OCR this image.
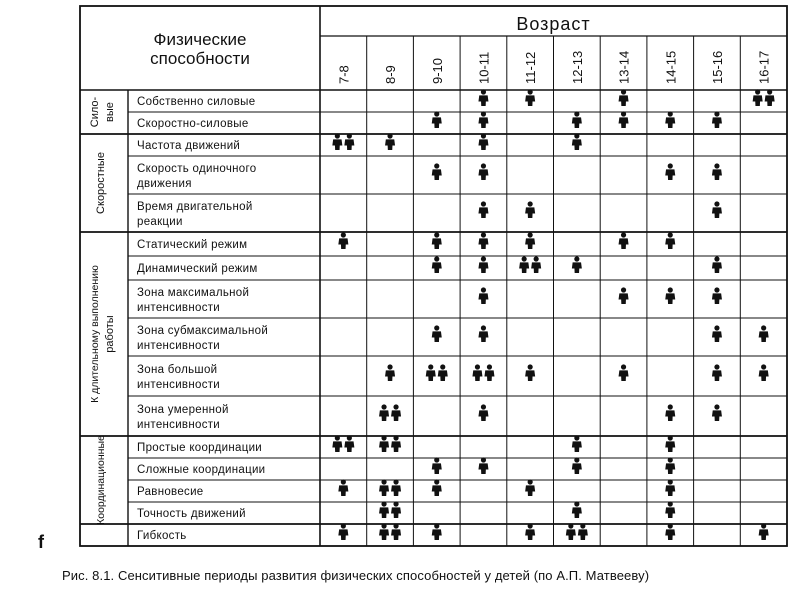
Физические
способности
Возраст
7-8 8-9 9-10 10-11 11-12 12-13 13-14 14-15 15-16 16-17
Собственно силовые
Скоростно-силовые
Сило- вые
Частота движений
Скорость одиночного движения
Время двигательной реакции
Скоростные
Статический режим
Динамический режим
Зона максимальной интенсивности
Зона субмаксимальной интенсивности
Зона большой интенсивности
Зона умеренной интенсивности
К длительному выполнению работы
Простые координации
Сложные координации
Равновесие
Точность движений
Координационные
Гибкость
f
Рис. 8.1. Сенситивные периоды развития физических способностей у детей (по А.П. Матвееву)
